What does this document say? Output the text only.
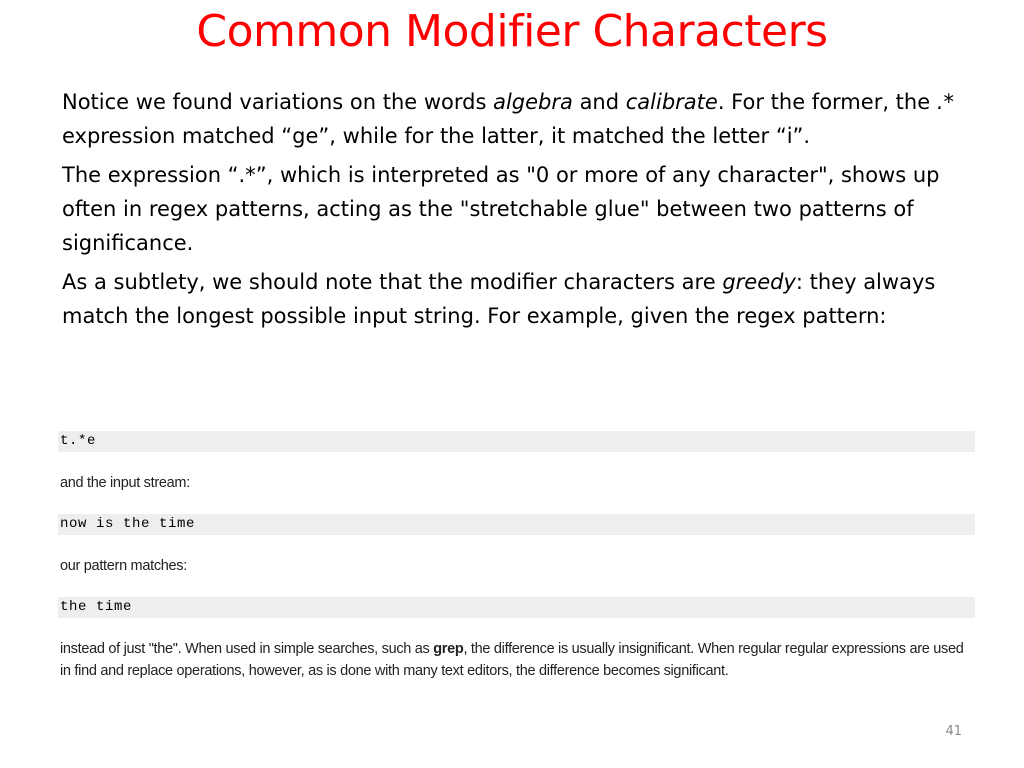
Common Modifier Characters

Notice we found variations on the words algebra and calibrate. For the former, the .* expression matched “ge”, while for the latter, it matched the letter “i”.

The expression “.*”, which is interpreted as "0 or more of any character", shows up often in regex patterns, acting as the "stretchable glue" between two patterns of significance.

As a subtlety, we should note that the modifier characters are greedy: they always match the longest possible input string. For example, given the regex pattern:

t.*e
and the input stream:
now is the time
our pattern matches:
the time
instead of just "the". When used in simple searches, such as grep, the difference is usually insignificant. When regular regular expressions are used in find and replace operations, however, as is done with many text editors, the difference becomes significant.
41
